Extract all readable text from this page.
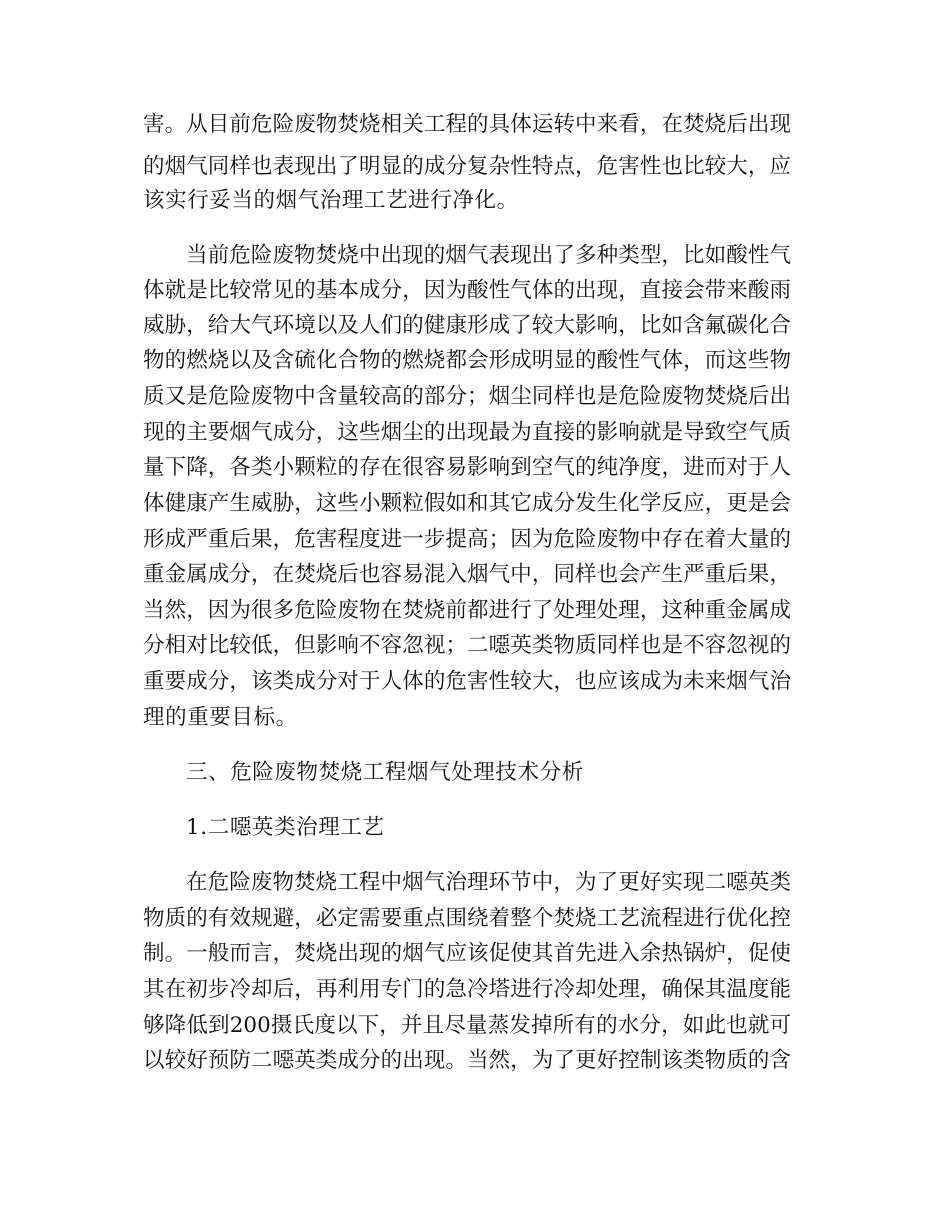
害。从目前危险废物焚烧相关工程的具体运转中来看，在焚烧后出现
的烟气同样也表现出了明显的成分复杂性特点，危害性也比较大，应
该实行妥当的烟气治理工艺进行净化。
当前危险废物焚烧中出现的烟气表现出了多种类型，比如酸性气
体就是比较常见的基本成分，因为酸性气体的出现，直接会带来酸雨
威胁，给大气环境以及人们的健康形成了较大影响，比如含氟碳化合
物的燃烧以及含硫化合物的燃烧都会形成明显的酸性气体，而这些物
质又是危险废物中含量较高的部分；烟尘同样也是危险废物焚烧后出
现的主要烟气成分，这些烟尘的出现最为直接的影响就是导致空气质
量下降，各类小颗粒的存在很容易影响到空气的纯净度，进而对于人
体健康产生威胁，这些小颗粒假如和其它成分发生化学反应，更是会
形成严重后果，危害程度进一步提高；因为危险废物中存在着大量的
重金属成分，在焚烧后也容易混入烟气中，同样也会产生严重后果，
当然，因为很多危险废物在焚烧前都进行了处理处理，这种重金属成
分相对比较低，但影响不容忽视；二噁英类物质同样也是不容忽视的
重要成分，该类成分对于人体的危害性较大，也应该成为未来烟气治
理的重要目标。
三、危险废物焚烧工程烟气处理技术分析
1.二噁英类治理工艺
在危险废物焚烧工程中烟气治理环节中，为了更好实现二噁英类
物质的有效规避，必定需要重点围绕着整个焚烧工艺流程进行优化控
制。一般而言，焚烧出现的烟气应该促使其首先进入余热锅炉，促使
其在初步冷却后，再利用专门的急冷塔进行冷却处理，确保其温度能
够降低到200摄氏度以下，并且尽量蒸发掉所有的水分，如此也就可
以较好预防二噁英类成分的出现。当然，为了更好控制该类物质的含
